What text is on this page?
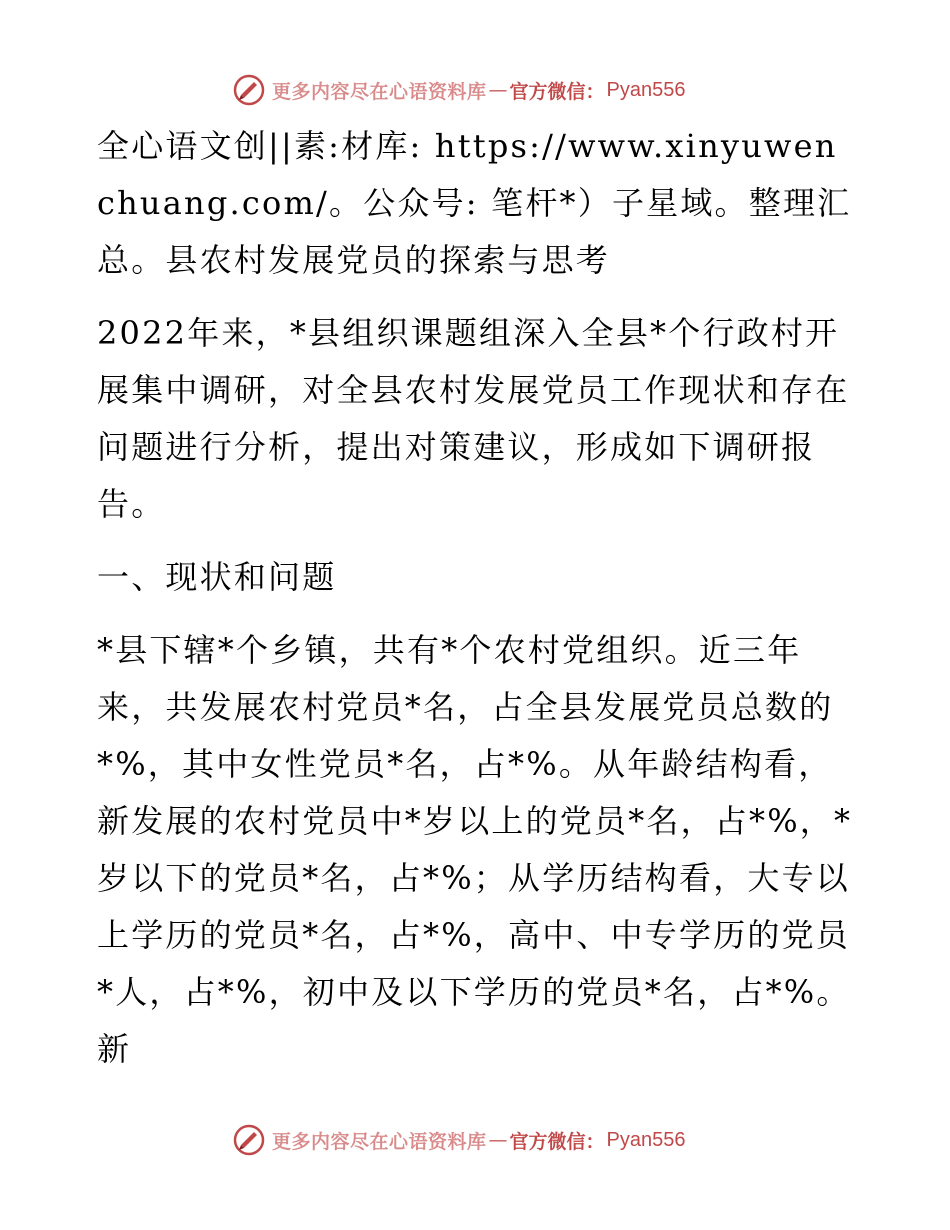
更多内容尽在心语资料库 — 官方微信： Pyan556

全心语文创||素:材库: https://www.xinyuwenchuang.com/。公众号: 笔杆*）子星域。整理汇总。县农村发展党员的探索与思考

2022年来，*县组织课题组深入全县*个行政村开展集中调研，对全县农村发展党员工作现状和存在问题进行分析，提出对策建议，形成如下调研报告。

一、现状和问题

*县下辖*个乡镇，共有*个农村党组织。近三年来，共发展农村党员*名，占全县发展党员总数的*%，其中女性党员*名，占*%。从年龄结构看，新发展的农村党员中*岁以上的党员*名，占*%，*岁以下的党员*名，占*%；从学历结构看，大专以上学历的党员*名，占*%，高中、中专学历的党员*人，占*%，初中及以下学历的党员*名，占*%。新

更多内容尽在心语资料库 — 官方微信： Pyan556
